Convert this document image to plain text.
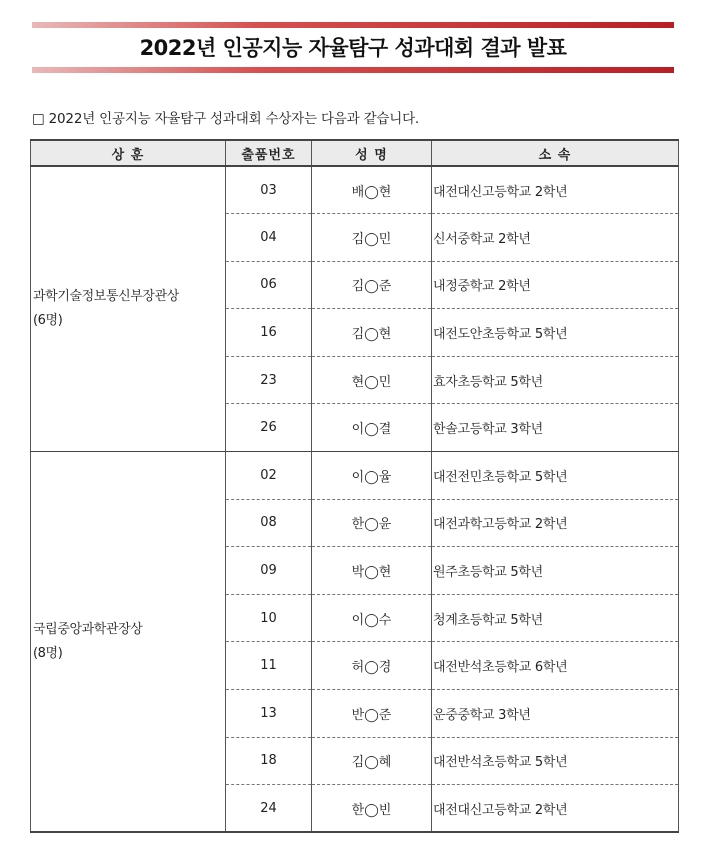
2022년 인공지능 자율탐구 성과대회 결과 발표
□ 2022년 인공지능 자율탐구 성과대회 수상자는 다음과 같습니다.
상 훈	출품번호	성 명	소 속
과학기술정보통신부장관상
(6명)	03	배◯현	대전대신고등학교 2학년
	04	김◯민	신서중학교 2학년
	06	김◯준	내정중학교 2학년
	16	김◯현	대전도안초등학교 5학년
	23	현◯민	효자초등학교 5학년
	26	이◯결	한솔고등학교 3학년
국립중앙과학관장상
(8명)	02	이◯율	대전전민초등학교 5학년
	08	한◯윤	대전과학고등학교 2학년
	09	박◯현	원주초등학교 5학년
	10	이◯수	청계초등학교 5학년
	11	허◯경	대전반석초등학교 6학년
	13	반◯준	운중중학교 3학년
	18	김◯혜	대전반석초등학교 5학년
	24	한◯빈	대전대신고등학교 2학년
